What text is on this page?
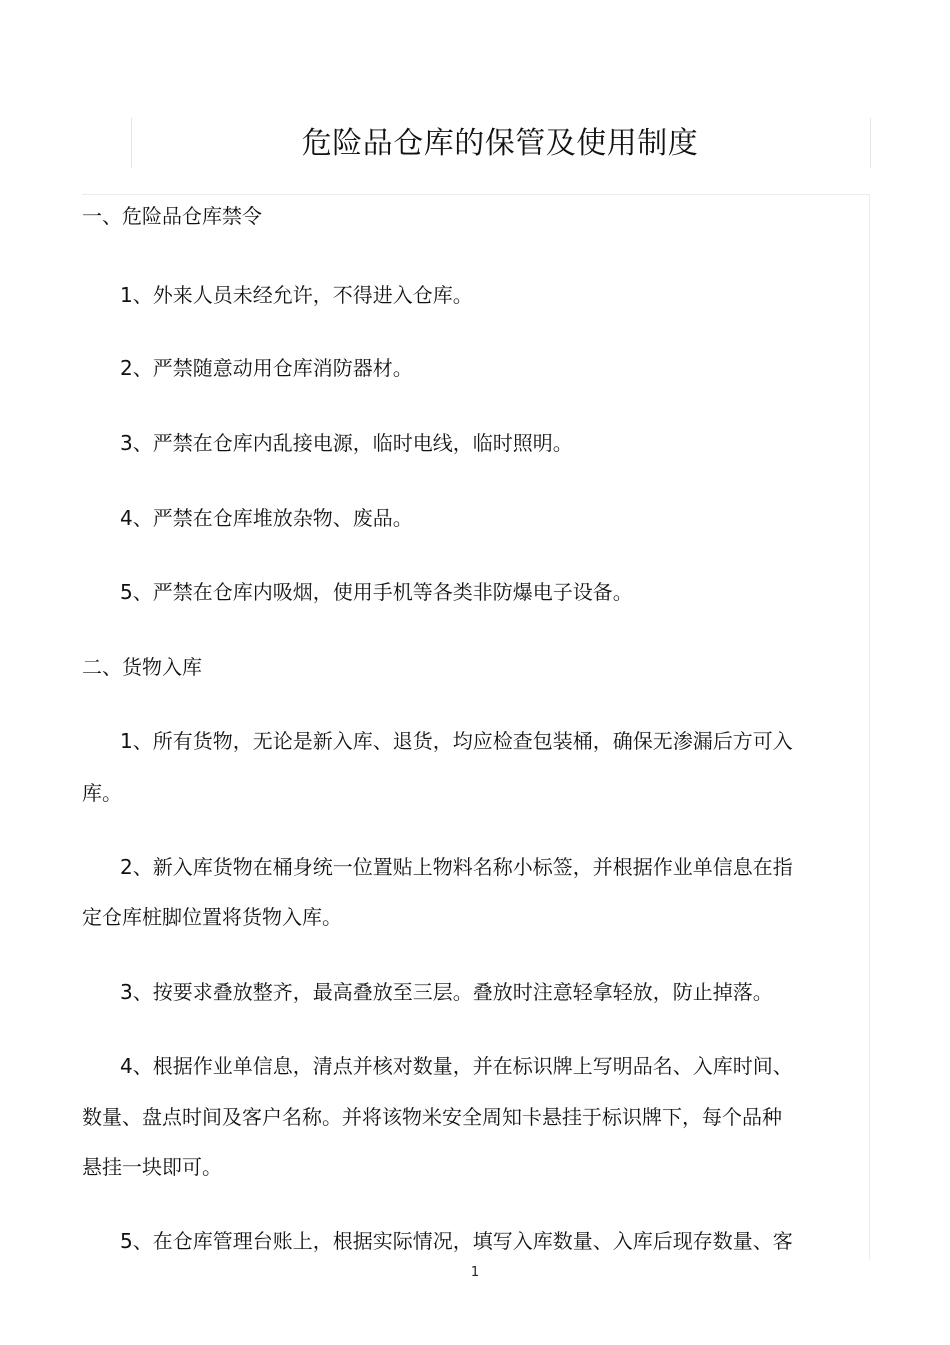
危险品仓库的保管及使用制度
一、危险品仓库禁令
1、外来人员未经允许，不得进入仓库。
2、严禁随意动用仓库消防器材。
3、严禁在仓库内乱接电源，临时电线，临时照明。
4、严禁在仓库堆放杂物、废品。
5、严禁在仓库内吸烟，使用手机等各类非防爆电子设备。
二、货物入库
1、所有货物，无论是新入库、退货，均应检查包装桶，确保无渗漏后方可入
库。
2、新入库货物在桶身统一位置贴上物料名称小标签，并根据作业单信息在指
定仓库桩脚位置将货物入库。
3、按要求叠放整齐，最高叠放至三层。叠放时注意轻拿轻放，防止掉落。
4、根据作业单信息，清点并核对数量，并在标识牌上写明品名、入库时间、
数量、盘点时间及客户名称。并将该物米安全周知卡悬挂于标识牌下，每个品种
悬挂一块即可。
5、在仓库管理台账上，根据实际情况，填写入库数量、入库后现存数量、客
1
